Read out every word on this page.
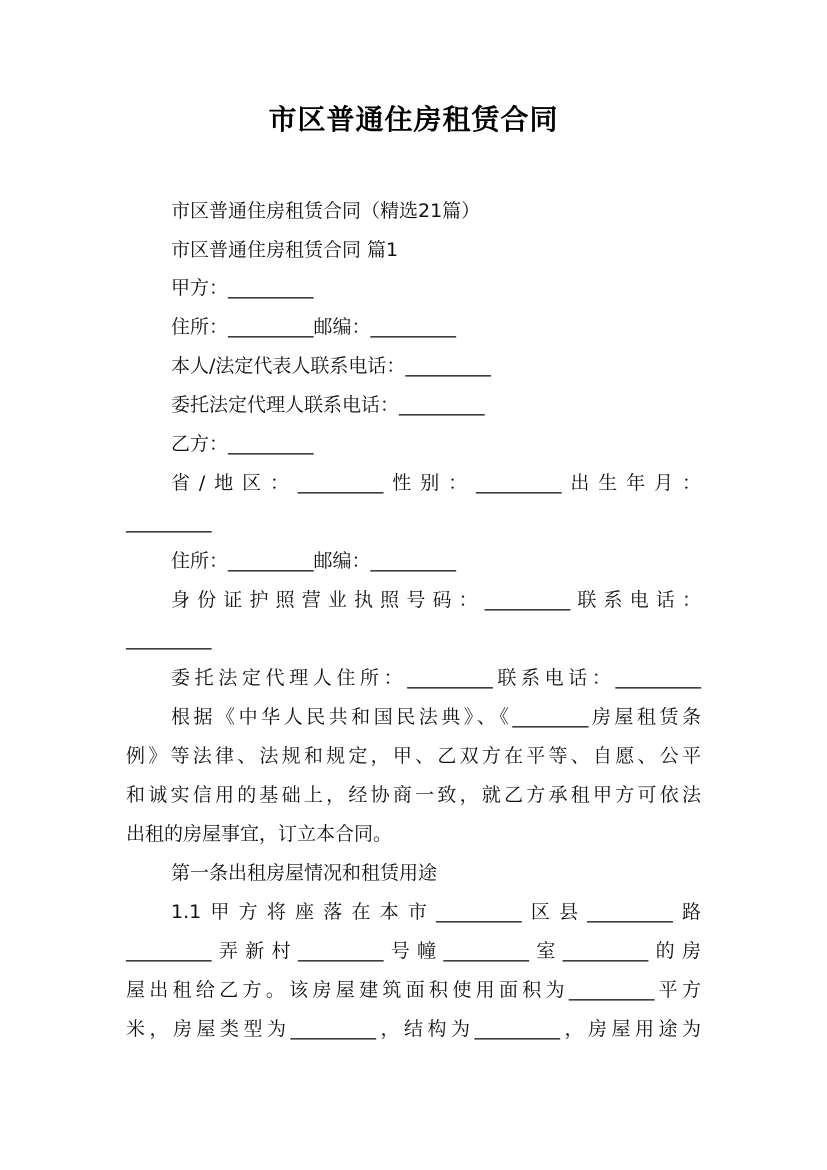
市区普通住房租赁合同
市区普通住房租赁合同（精选21篇）
市区普通住房租赁合同 篇1
甲方：_________
住所：_________邮编：_________
本人/法定代表人联系电话：_________
委托法定代理人联系电话：_________
乙方：_________
省/地区：_________性别：_________出生年月：
_________
住所：_________邮编：_________
身份证护照营业执照号码：_________联系电话：
_________
委托法定代理人住所：_________联系电话：_________
根据《中华人民共和国民法典》、《________房屋租赁条
例》等法律、法规和规定，甲、乙双方在平等、自愿、公平
和诚实信用的基础上，经协商一致，就乙方承租甲方可依法
出租的房屋事宜，订立本合同。
第一条出租房屋情况和租赁用途
1.1甲方将座落在本市_________区县_________路
_________弄新村_________号幢_________室_________的房
屋出租给乙方。该房屋建筑面积使用面积为_________平方
米，房屋类型为_________，结构为_________，房屋用途为
